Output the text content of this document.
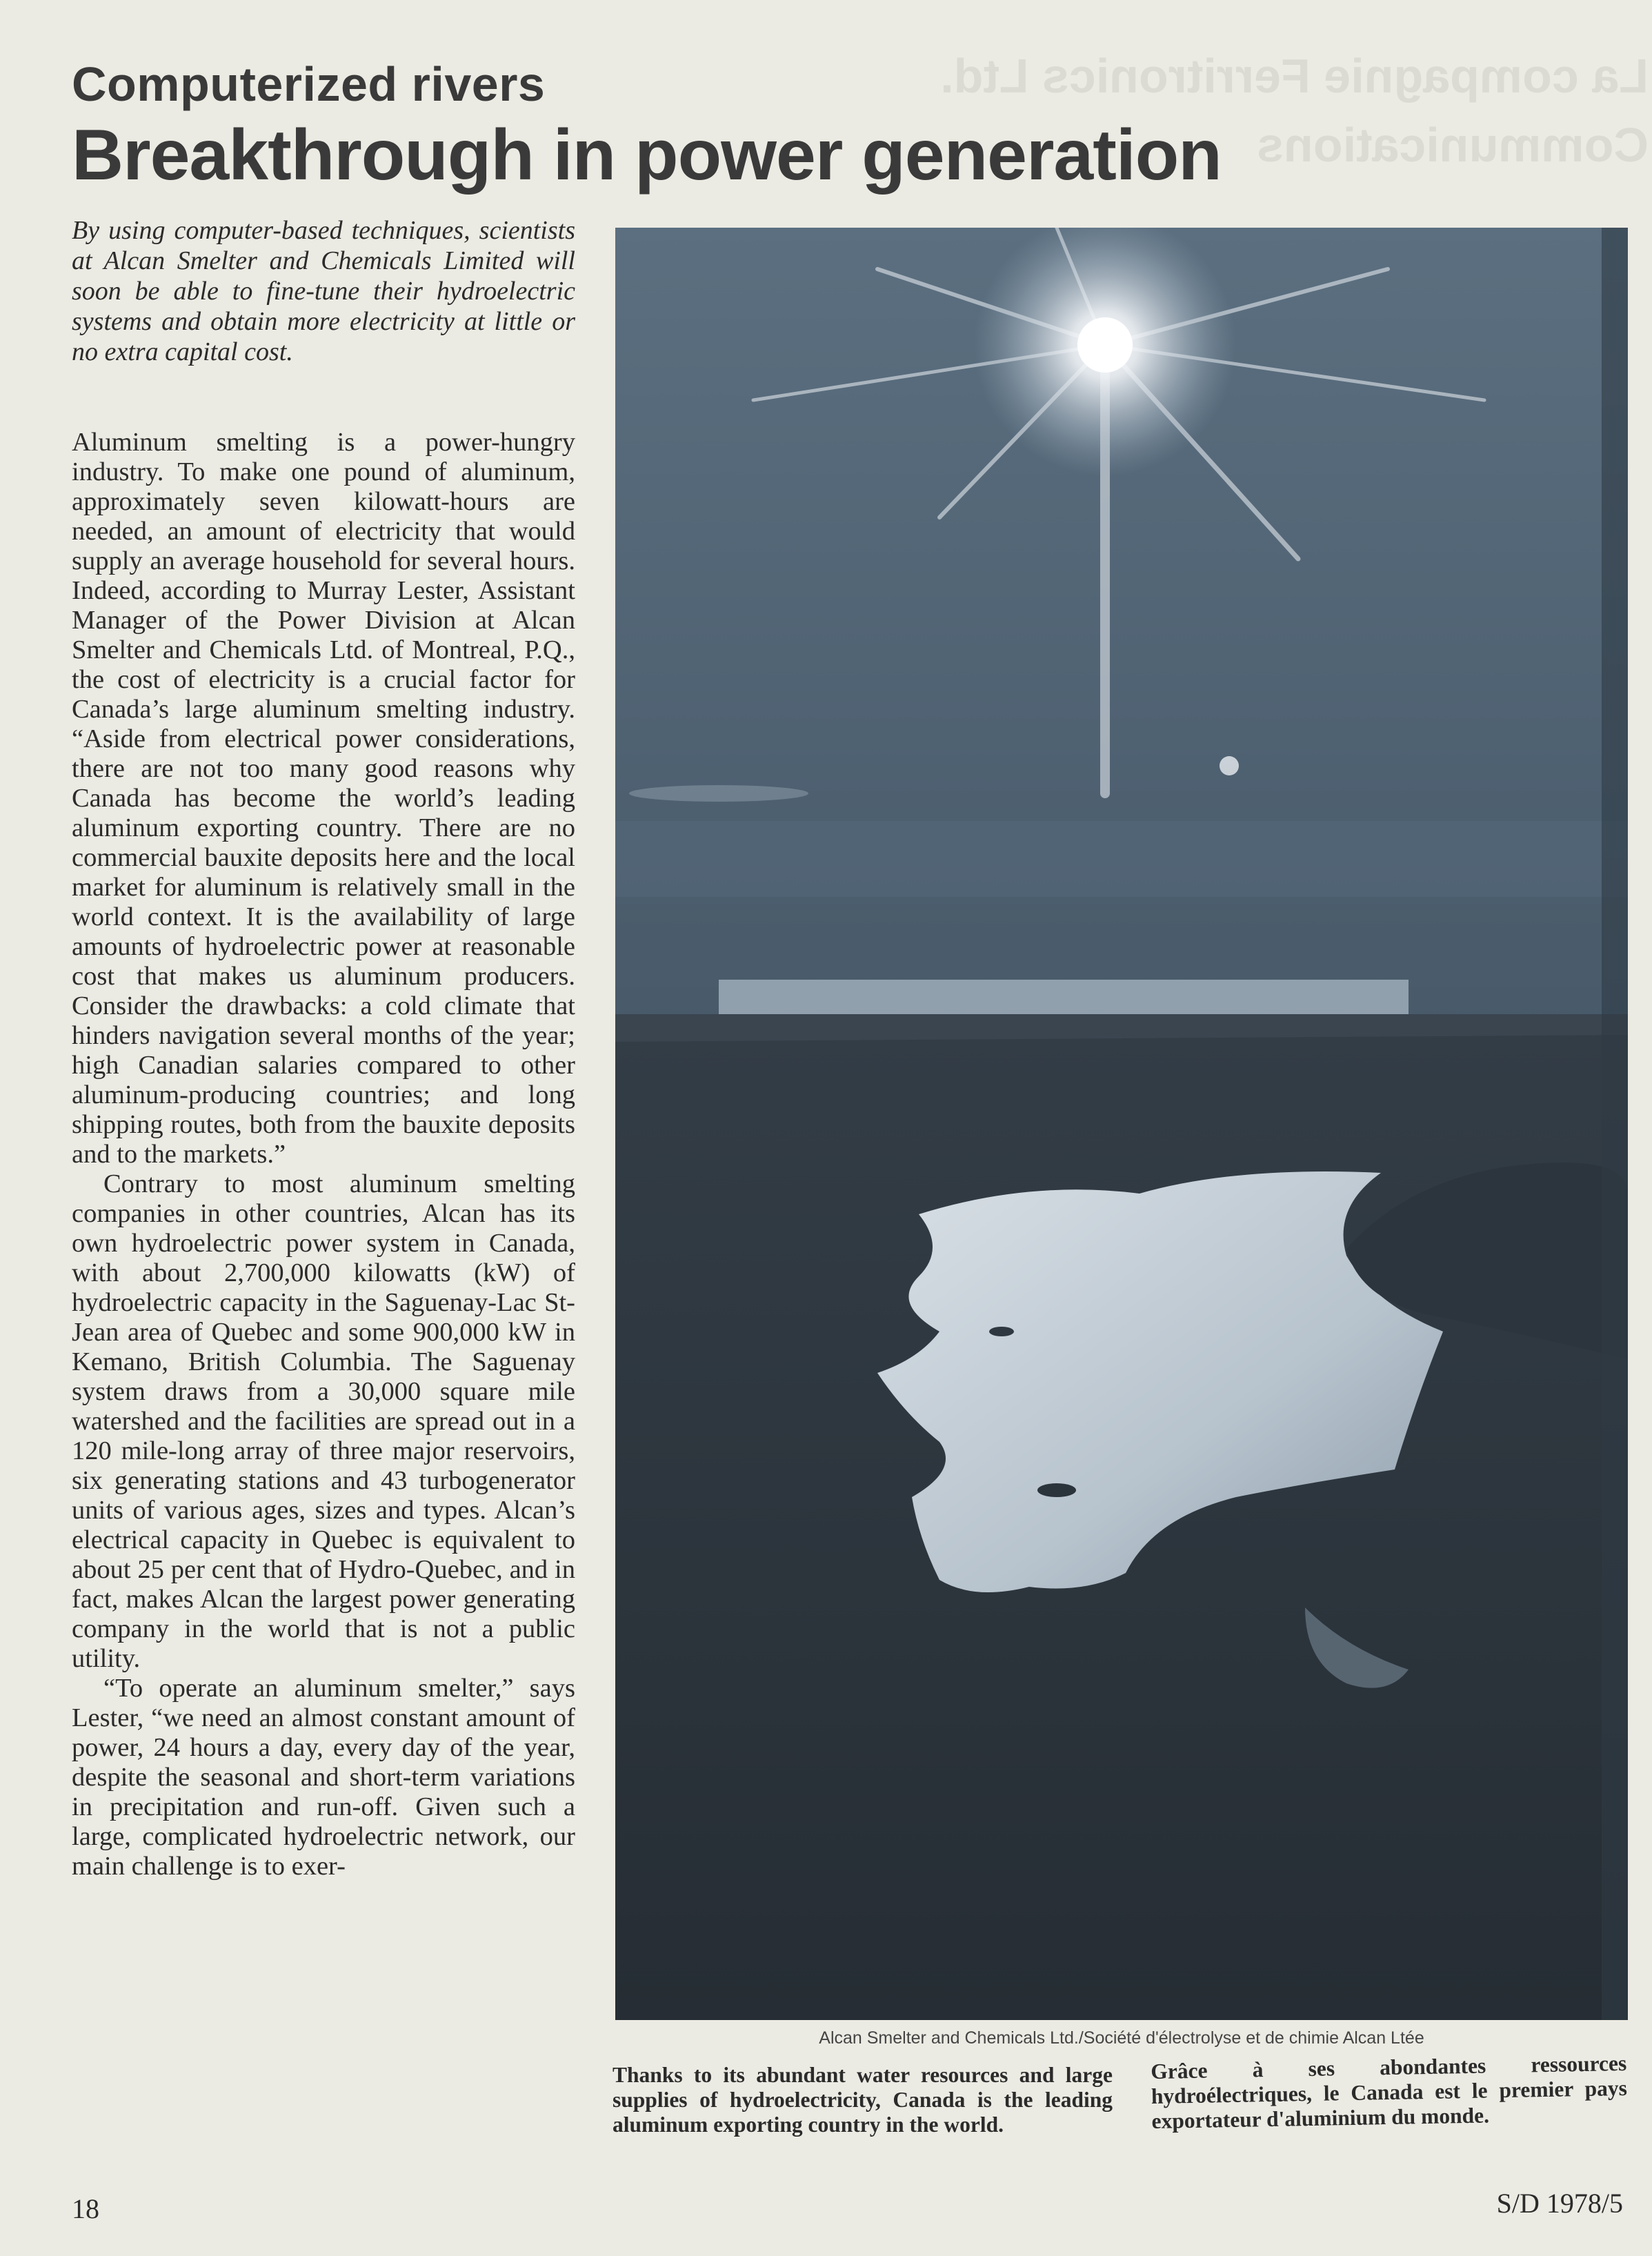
La compagnie Ferritronics Ltd.
Communications
Computerized rivers
Breakthrough in power generation
By using computer-based techniques, scientists at Alcan Smelter and Chemicals Limited will soon be able to fine-tune their hydroelectric systems and obtain more electricity at little or no extra capital cost.

Aluminum smelting is a power-hungry industry. To make one pound of aluminum, approximately seven kilowatt-hours are needed, an amount of electricity that would supply an average household for several hours. Indeed, according to Murray Lester, Assistant Manager of the Power Division at Alcan Smelter and Chemicals Ltd. of Montreal, P.Q., the cost of electricity is a crucial factor for Canada’s large aluminum smelting industry. “Aside from electrical power considerations, there are not too many good reasons why Canada has become the world’s leading aluminum exporting country. There are no commercial bauxite deposits here and the local market for aluminum is relatively small in the world context. It is the availability of large amounts of hydroelectric power at reasonable cost that makes us aluminum producers. Consider the drawbacks: a cold climate that hinders navigation several months of the year; high Canadian salaries compared to other aluminum-producing countries; and long shipping routes, both from the bauxite deposits and to the markets.”

Contrary to most aluminum smelting companies in other countries, Alcan has its own hydroelectric power system in Canada, with about 2,700,000 kilowatts (kW) of hydroelectric capacity in the Saguenay-Lac St-Jean area of Quebec and some 900,000 kW in Kemano, British Columbia. The Saguenay system draws from a 30,000 square mile watershed and the facilities are spread out in a 120 mile-long array of three major reservoirs, six generating stations and 43 turbogenerator units of various ages, sizes and types. Alcan’s electrical capacity in Quebec is equivalent to about 25 per cent that of Hydro-Quebec, and in fact, makes Alcan the largest power generating company in the world that is not a public utility.

“To operate an aluminum smelter,” says Lester, “we need an almost constant amount of power, 24 hours a day, every day of the year, despite the seasonal and short-term variations in precipitation and run-off. Given such a large, complicated hydroelectric network, our main challenge is to exer-

Alcan Smelter and Chemicals Ltd./Société d'électrolyse et de chimie Alcan Ltée
Thanks to its abundant water resources and large supplies of hydroelectricity, Canada is the leading aluminum exporting country in the world.
Grâce à ses abondantes ressources hydroélectriques, le Canada est le premier pays exportateur d'aluminium du monde.
18	S/D 1978/5
